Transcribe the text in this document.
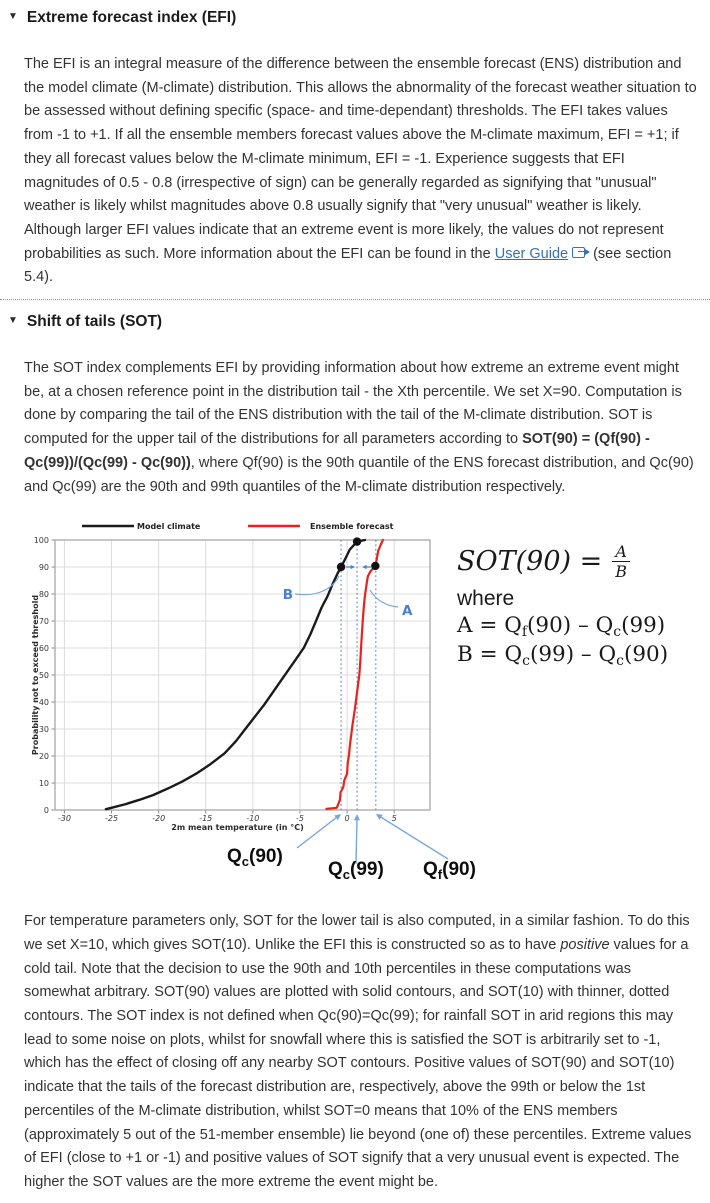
▼ Extreme forecast index (EFI)

The EFI is an integral measure of the difference between the ensemble forecast (ENS) distribution and the model climate (M-climate) distribution. This allows the abnormality of the forecast weather situation to be assessed without defining specific (space- and time-dependant) thresholds. The EFI takes values from -1 to +1. If all the ensemble members forecast values above the M-climate maximum, EFI = +1; if they all forecast values below the M-climate minimum, EFI = -1. Experience suggests that EFI magnitudes of 0.5 - 0.8 (irrespective of sign) can be generally regarded as signifying that "unusual" weather is likely whilst magnitudes above 0.8 usually signify that "very unusual" weather is likely. Although larger EFI values indicate that an extreme event is more likely, the values do not represent probabilities as such. More information about the EFI can be found in the User Guide (see section 5.4).

▼ Shift of tails (SOT)

The SOT index complements EFI by providing information about how extreme an extreme event might be, at a chosen reference point in the distribution tail - the Xth percentile. We set X=90. Computation is done by comparing the tail of the ENS distribution with the tail of the M-climate distribution. SOT is computed for the upper tail of the distributions for all parameters according to SOT(90) = (Qf(90) - Qc(99))/(Qc(99) - Qc(90)), where Qf(90) is the 90th quantile of the ENS forecast distribution, and Qc(90) and Qc(99) are the 90th and 99th quantiles of the M-climate distribution respectively.

-30	-25	-20	-15	-10	-5	0	5
0
10
20
30
40
50
60
70
80
90
100
B
A
Model climate	Ensemble forecast
2m mean temperature (in °C)
Probability not to exceed threshold
$SOT(90) = \frac{A}{B}$
where
A = Qf(90) – Qc(99)
B = Qc(99) – Qc(90)
$Q_c(90)$
$Q_c(99)$ $Q_f(90)$

For temperature parameters only, SOT for the lower tail is also computed, in a similar fashion. To do this we set X=10, which gives SOT(10). Unlike the EFI this is constructed so as to have positive values for a cold tail. Note that the decision to use the 90th and 10th percentiles in these computations was somewhat arbitrary. SOT(90) values are plotted with solid contours, and SOT(10) with thinner, dotted contours. The SOT index is not defined when Qc(90)=Qc(99); for rainfall SOT in arid regions this may lead to some noise on plots, whilst for snowfall where this is satisfied the SOT is arbitrarily set to -1, which has the effect of closing off any nearby SOT contours. Positive values of SOT(90) and SOT(10) indicate that the tails of the forecast distribution are, respectively, above the 99th or below the 1st percentiles of the M-climate distribution, whilst SOT=0 means that 10% of the ENS members (approximately 5 out of the 51-member ensemble) lie beyond (one of) these percentiles. Extreme values of EFI (close to +1 or -1) and positive values of SOT signify that a very unusual event is expected. The higher the SOT values are the more extreme the event might be.
